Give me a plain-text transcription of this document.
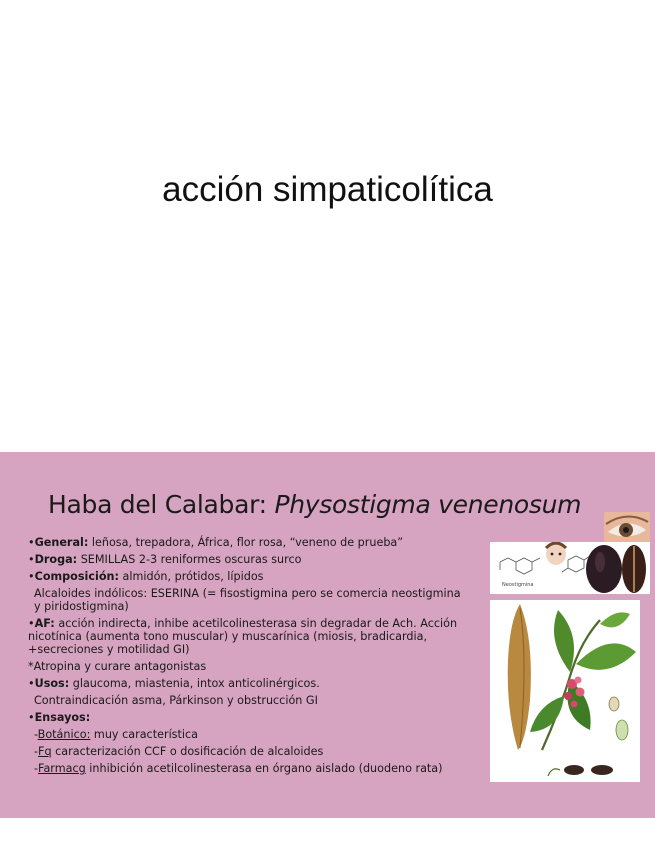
acción simpaticolítica
Haba del Calabar: Physostigma venenosum
•General: leñosa, trepadora, África, flor rosa, “veneno de prueba”
•Droga: SEMILLAS 2-3 reniformes oscuras surco
•Composición: almidón, prótidos, lípidos
Alcaloides indólicos: ESERINA (= fisostigmina pero se comercia neostigmina y piridostigmina)
•AF: acción indirecta, inhibe acetilcolinesterasa sin degradar de Ach. Acción nicotínica (aumenta tono muscular) y muscarínica (miosis, bradicardia, +secreciones y motilidad GI)
*Atropina y curare antagonistas
•Usos: glaucoma, miastenia, intox anticolinérgicos.
Contraindicación asma, Párkinson y obstrucción GI
•Ensayos:
-Botánico: muy característica
-Fq caracterización CCF o dosificación de alcaloides
-Farmacg inhibición acetilcolinesterasa en órgano aislado (duodeno rata)
Neostigmina
